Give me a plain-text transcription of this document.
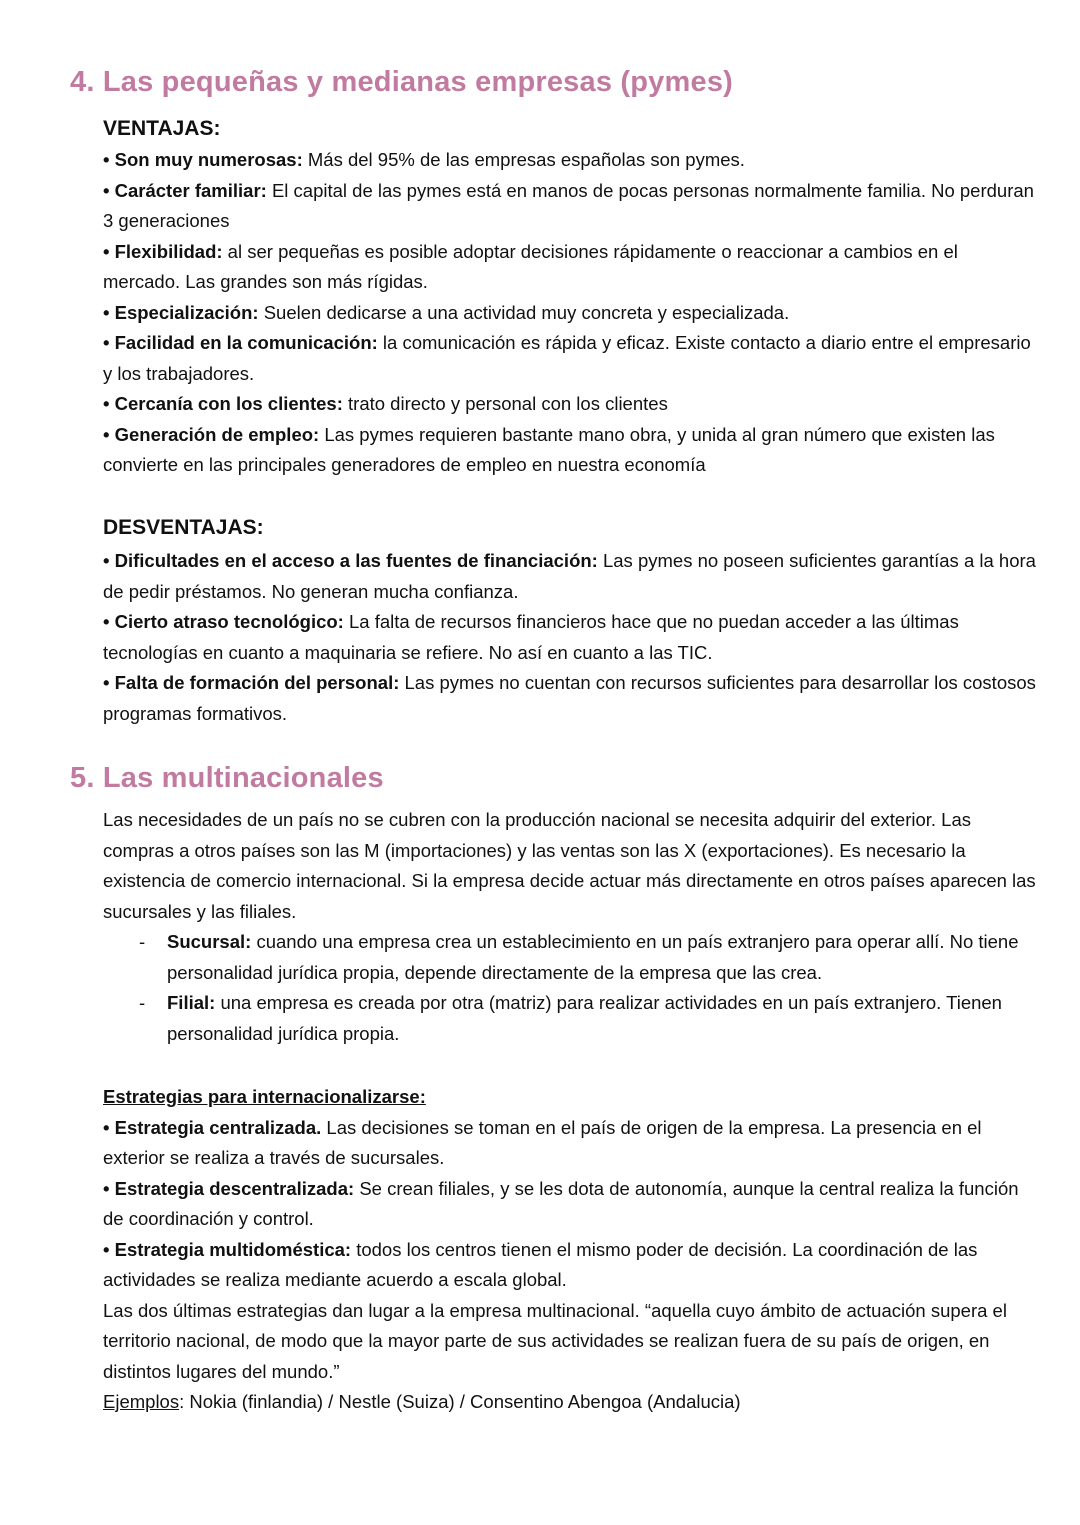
4. Las pequeñas y medianas empresas (pymes)
VENTAJAS:

• Son muy numerosas: Más del 95% de las empresas españolas son pymes.

• Carácter familiar: El capital de las pymes está en manos de pocas personas normalmente familia. No perduran 3 generaciones

• Flexibilidad: al ser pequeñas es posible adoptar decisiones rápidamente o reaccionar a cambios en el mercado. Las grandes son más rígidas.

• Especialización: Suelen dedicarse a una actividad muy concreta y especializada.

• Facilidad en la comunicación: la comunicación es rápida y eficaz. Existe contacto a diario entre el empresario y los trabajadores.

• Cercanía con los clientes: trato directo y personal con los clientes

• Generación de empleo: Las pymes requieren bastante mano obra, y unida al gran número que existen las convierte en las principales generadores de empleo en nuestra economía

DESVENTAJAS:

• Dificultades en el acceso a las fuentes de financiación: Las pymes no poseen suficientes garantías a la hora de pedir préstamos. No generan mucha confianza.

• Cierto atraso tecnológico: La falta de recursos financieros hace que no puedan acceder a las últimas tecnologías en cuanto a maquinaria se refiere. No así en cuanto a las TIC.

• Falta de formación del personal: Las pymes no cuentan con recursos suficientes para desarrollar los costosos programas formativos.

5. Las multinacionales

Las necesidades de un país no se cubren con la producción nacional se necesita adquirir del exterior. Las compras a otros países son las M (importaciones) y las ventas son las X (exportaciones). Es necesario la existencia de comercio internacional. Si la empresa decide actuar más directamente en otros países aparecen las sucursales y las filiales.

- Sucursal: cuando una empresa crea un establecimiento en un país extranjero para operar allí. No tiene personalidad jurídica propia, depende directamente de la empresa que las crea.

- Filial: una empresa es creada por otra (matriz) para realizar actividades en un país extranjero. Tienen personalidad jurídica propia.

Estrategias para internacionalizarse:

• Estrategia centralizada. Las decisiones se toman en el país de origen de la empresa. La presencia en el exterior se realiza a través de sucursales.

• Estrategia descentralizada: Se crean filiales, y se les dota de autonomía, aunque la central realiza la función de coordinación y control.

• Estrategia multidoméstica: todos los centros tienen el mismo poder de decisión. La coordinación de las actividades se realiza mediante acuerdo a escala global.

Las dos últimas estrategias dan lugar a la empresa multinacional. “aquella cuyo ámbito de actuación supera el territorio nacional, de modo que la mayor parte de sus actividades se realizan fuera de su país de origen, en distintos lugares del mundo.”

Ejemplos: Nokia (finlandia) / Nestle (Suiza) / Consentino Abengoa (Andalucia)
